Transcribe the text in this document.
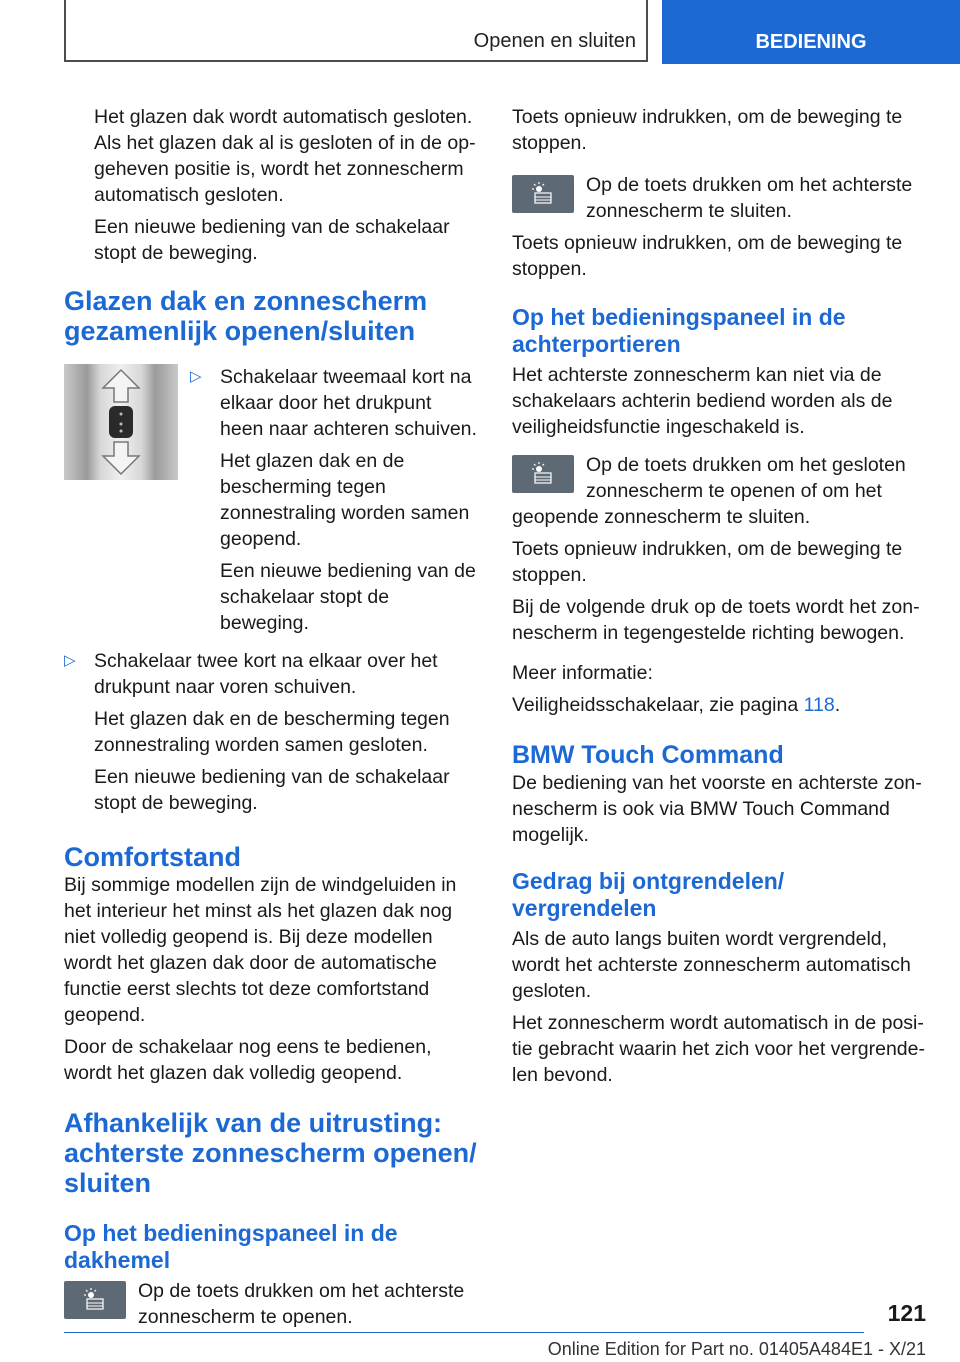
Openen en sluiten	BEDIENING

Het glazen dak wordt automatisch gesloten. Als het glazen dak al is gesloten of in de opgeheven positie is, wordt het zonnescherm automatisch gesloten.

Een nieuwe bediening van de schakelaar stopt de beweging.

Glazen dak en zonnescherm gezamenlijk openen/sluiten
▷ Schakelaar tweemaal kort na elkaar door het drukpunt heen naar achteren schuiven.

Het glazen dak en de bescherming tegen zonnestraling worden samen geopend.

Een nieuwe bediening van de schakelaar stopt de beweging.

▷ Schakelaar twee kort na elkaar over het drukpunt naar voren schuiven.

Het glazen dak en de bescherming tegen zonnestraling worden samen gesloten.

Een nieuwe bediening van de schakelaar stopt de beweging.

Comfortstand

Bij sommige modellen zijn de windgeluiden in het interieur het minst als het glazen dak nog niet volledig geopend is. Bij deze modellen wordt het glazen dak door de automatische functie eerst slechts tot deze comfortstand geopend.

Door de schakelaar nog eens te bedienen, wordt het glazen dak volledig geopend.

Afhankelijk van de uitrusting: achterste zonnescherm openen/ sluiten
Op het bedieningspaneel in de dakhemel

Op de toets drukken om het achterste zonnescherm te openen.

Toets opnieuw indrukken, om de beweging te stoppen.

Op de toets drukken om het achterste zonnescherm te sluiten.

Toets opnieuw indrukken, om de beweging te stoppen.

Op het bedieningspaneel in de achterportieren

Het achterste zonnescherm kan niet via de schakelaars achterin bediend worden als de veiligheidsfunctie ingeschakeld is.

Op de toets drukken om het gesloten zonnescherm te openen of om het geopende zonnescherm te sluiten.

Toets opnieuw indrukken, om de beweging te stoppen.

Bij de volgende druk op de toets wordt het zonnescherm in tegengestelde richting bewogen.

Meer informatie:

Veiligheidsschakelaar, zie pagina 118.

BMW Touch Command

De bediening van het voorste en achterste zonnescherm is ook via BMW Touch Command mogelijk.

Gedrag bij ontgrendelen/ vergrendelen

Als de auto langs buiten wordt vergrendeld, wordt het achterste zonnescherm automatisch gesloten.

Het zonnescherm wordt automatisch in de positie gebracht waarin het zich voor het vergrendelen bevond.

121
Online Edition for Part no. 01405A484E1 - X/21
